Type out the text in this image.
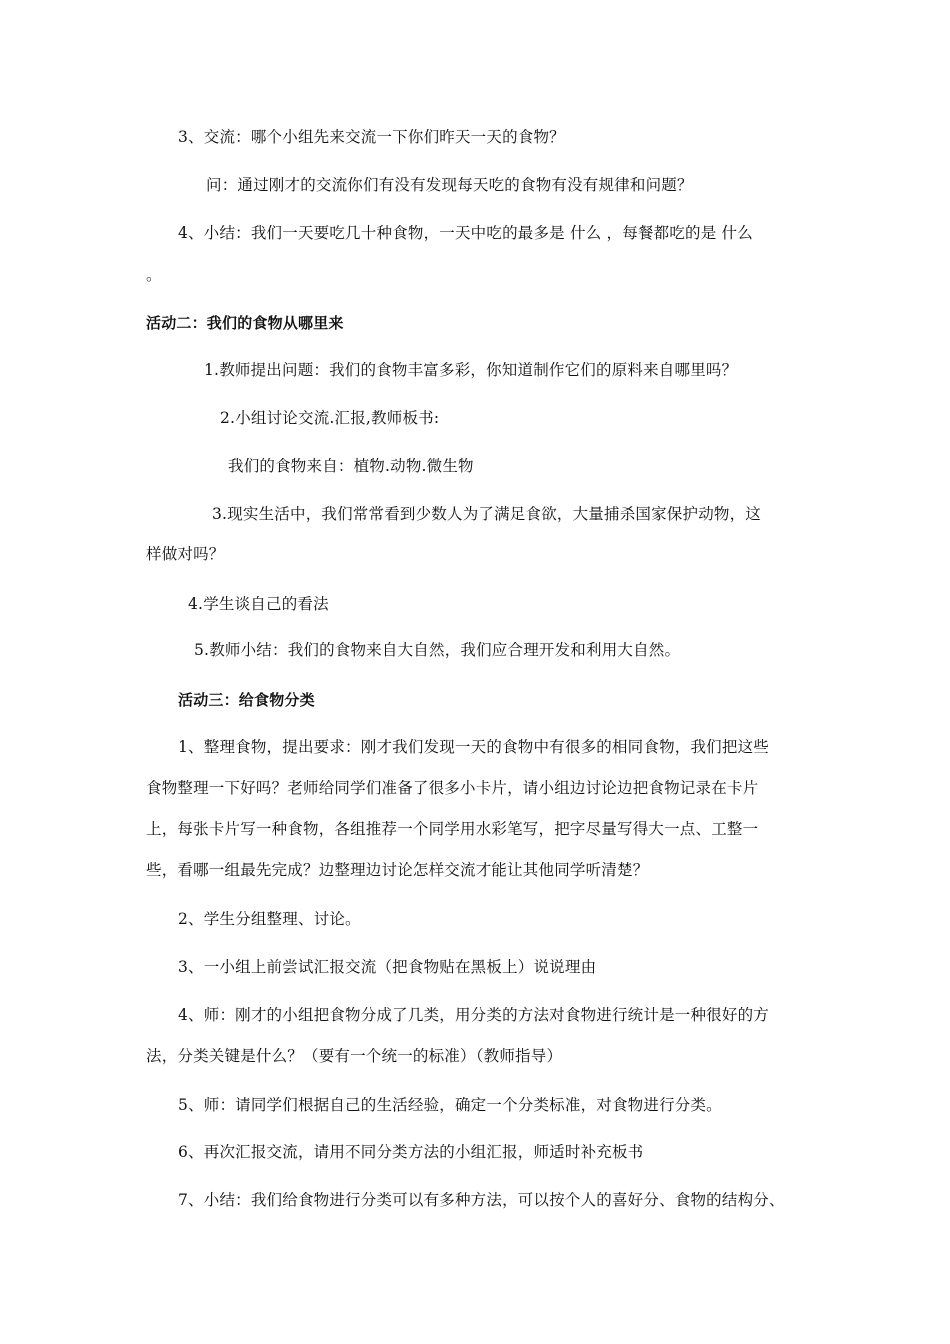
3、交流：哪个小组先来交流一下你们昨天一天的食物？
问：通过刚才的交流你们有没有发现每天吃的食物有没有规律和问题？
4、小结：我们一天要吃几十种食物，一天中吃的最多是 什么 ，每餐都吃的是 什么
。
活动二：我们的食物从哪里来
1.教师提出问题：我们的食物丰富多彩，你知道制作它们的原料来自哪里吗？
2.小组讨论交流.汇报,教师板书:
我们的食物来自：植物.动物.微生物
3.现实生活中，我们常常看到少数人为了满足食欲，大量捕杀国家保护动物，这
样做对吗？
4.学生谈自己的看法
5.教师小结：我们的食物来自大自然，我们应合理开发和利用大自然。
活动三：给食物分类
1、整理食物，提出要求：刚才我们发现一天的食物中有很多的相同食物，我们把这些
食物整理一下好吗？老师给同学们准备了很多小卡片，请小组边讨论边把食物记录在卡片
上，每张卡片写一种食物，各组推荐一个同学用水彩笔写，把字尽量写得大一点、工整一
些，看哪一组最先完成？边整理边讨论怎样交流才能让其他同学听清楚？
2、学生分组整理、讨论。
3、一小组上前尝试汇报交流（把食物贴在黑板上）说说理由
4、师：刚才的小组把食物分成了几类，用分类的方法对食物进行统计是一种很好的方
法，分类关键是什么？（要有一个统一的标准）（教师指导）
5、师：请同学们根据自己的生活经验，确定一个分类标准，对食物进行分类。
6、再次汇报交流，请用不同分类方法的小组汇报，师适时补充板书
7、小结：我们给食物进行分类可以有多种方法，可以按个人的喜好分、食物的结构分、
